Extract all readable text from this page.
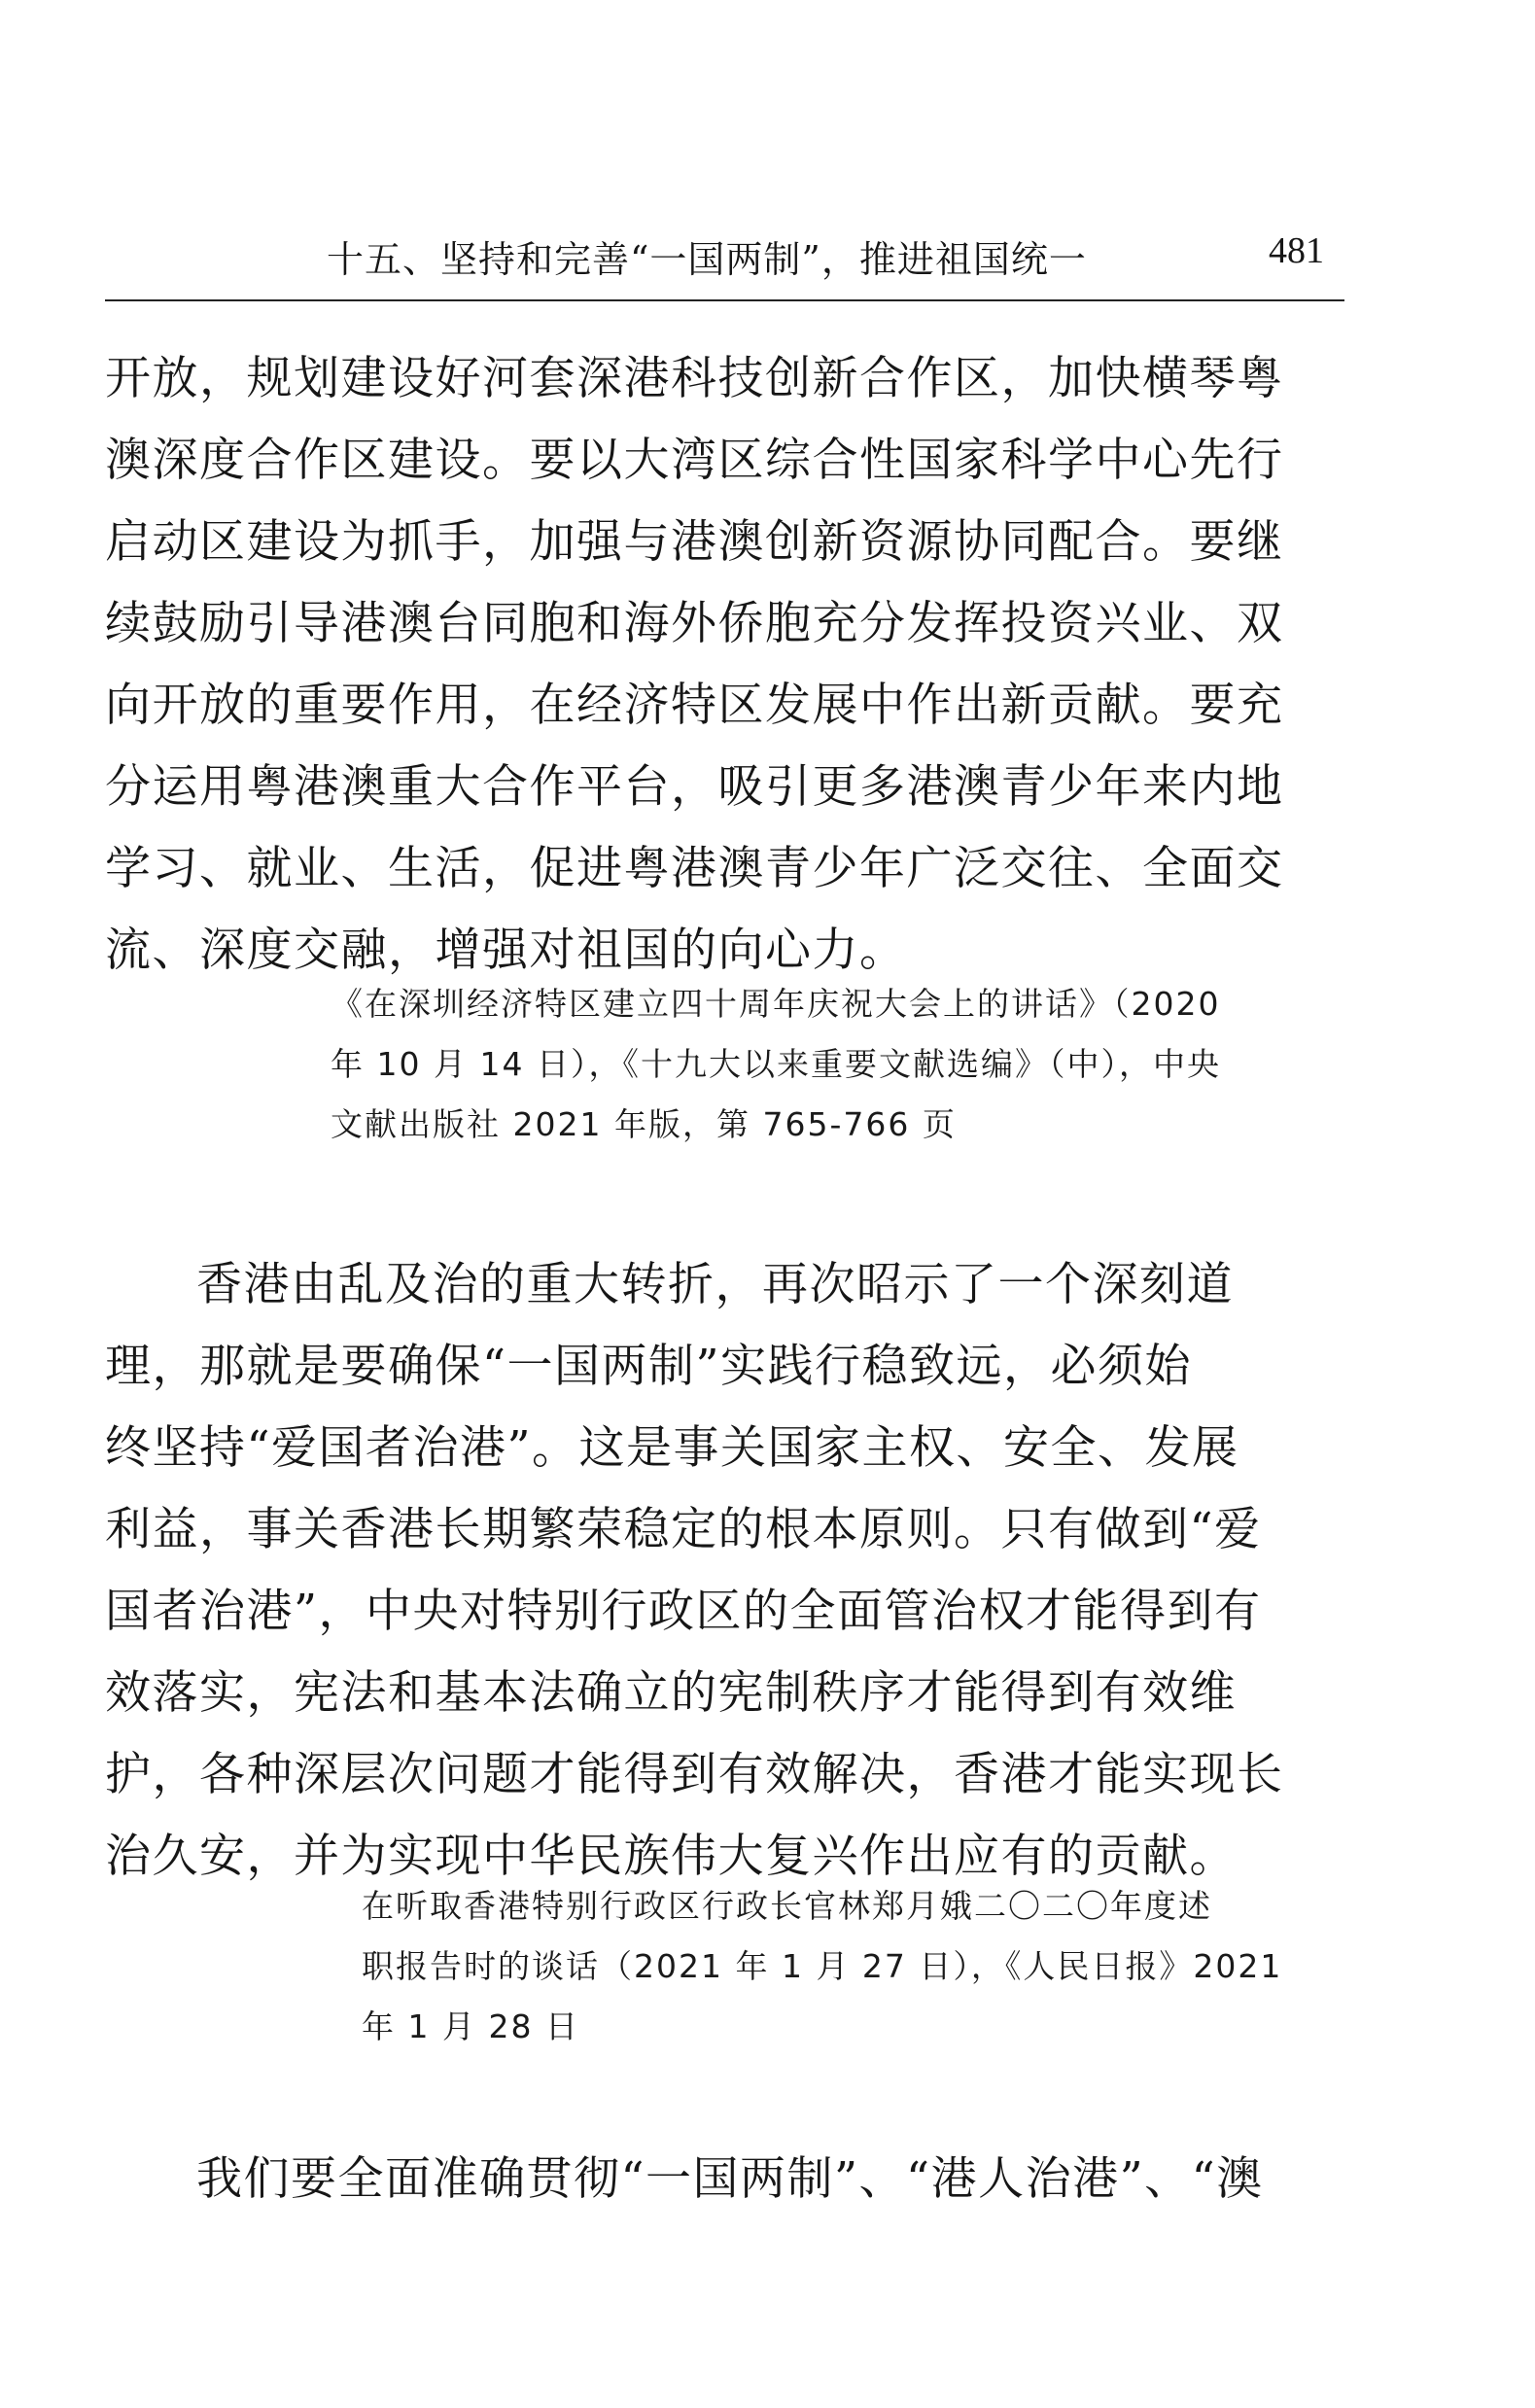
十五、坚持和完善“一国两制”，推进祖国统一	481
开放，规划建设好河套深港科技创新合作区，加快横琴粤
澳深度合作区建设。要以大湾区综合性国家科学中心先行
启动区建设为抓手，加强与港澳创新资源协同配合。要继
续鼓励引导港澳台同胞和海外侨胞充分发挥投资兴业、双
向开放的重要作用，在经济特区发展中作出新贡献。要充
分运用粤港澳重大合作平台，吸引更多港澳青少年来内地
学习、就业、生活，促进粤港澳青少年广泛交往、全面交
流、深度交融，增强对祖国的向心力。
《在深圳经济特区建立四十周年庆祝大会上的讲话》（2020
年 10 月 14 日），《十九大以来重要文献选编》（中），中央
文献出版社 2021 年版，第 765-766 页
香港由乱及治的重大转折，再次昭示了一个深刻道
理，那就是要确保“一国两制”实践行稳致远，必须始
终坚持“爱国者治港”。这是事关国家主权、安全、发展
利益，事关香港长期繁荣稳定的根本原则。只有做到“爱
国者治港”，中央对特别行政区的全面管治权才能得到有
效落实，宪法和基本法确立的宪制秩序才能得到有效维
护，各种深层次问题才能得到有效解决，香港才能实现长
治久安，并为实现中华民族伟大复兴作出应有的贡献。
在听取香港特别行政区行政长官林郑月娥二〇二〇年度述
职报告时的谈话（2021 年 1 月 27 日），《人民日报》2021
年 1 月 28 日
我们要全面准确贯彻“一国两制”、“港人治港”、“澳
